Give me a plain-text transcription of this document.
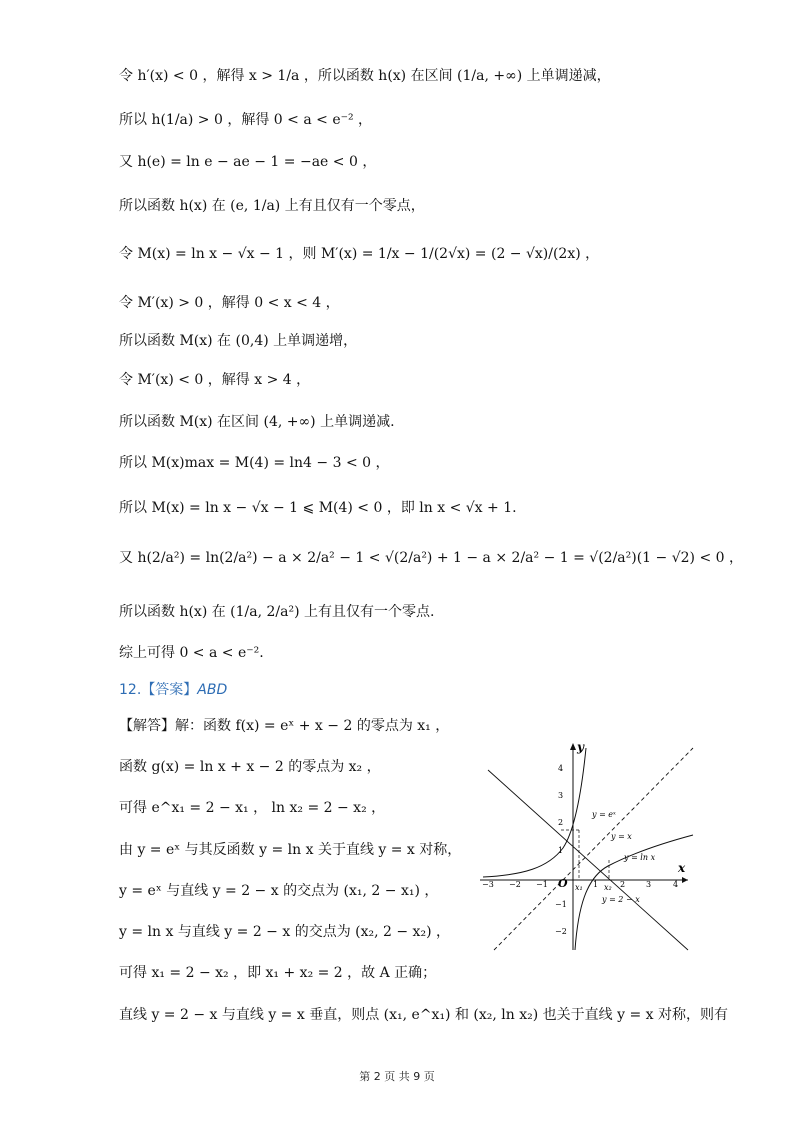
令 h′(x) < 0 ，解得 x > 1/a ，所以函数 h(x) 在区间 (1/a, +∞) 上单调递减，
所以 h(1/a) > 0 ，解得 0 < a < e⁻² ，
又 h(e) = ln e − ae − 1 = −ae < 0 ，
所以函数 h(x) 在 (e, 1/a) 上有且仅有一个零点，
令 M(x) = ln x − √x − 1 ，则 M′(x) = 1/x − 1/(2√x) = (2 − √x)/(2x) ，
令 M′(x) > 0 ，解得 0 < x < 4 ，
所以函数 M(x) 在 (0,4) 上单调递增，
令 M′(x) < 0 ，解得 x > 4 ，
所以函数 M(x) 在区间 (4, +∞) 上单调递减.
所以 M(x)max = M(4) = ln4 − 3 < 0 ，
所以 M(x) = ln x − √x − 1 ⩽ M(4) < 0 ，即 ln x < √x + 1.
又 h(2/a²) = ln(2/a²) − a × 2/a² − 1 < √(2/a²) + 1 − a × 2/a² − 1 = √(2/a²)(1 − √2) < 0 ，
所以函数 h(x) 在 (1/a, 2/a²) 上有且仅有一个零点.
综上可得 0 < a < e⁻².
12.【答案】ABD
【解答】解：函数 f(x) = eˣ + x − 2 的零点为 x₁ ，
函数 g(x) = ln x + x − 2 的零点为 x₂ ，
可得 e^x₁ = 2 − x₁ ， ln x₂ = 2 − x₂ ，
由 y = eˣ 与其反函数 y = ln x 关于直线 y = x 对称，
y = eˣ 与直线 y = 2 − x 的交点为 (x₁, 2 − x₁) ，
y = ln x 与直线 y = 2 − x 的交点为 (x₂, 2 − x₂) ，
可得 x₁ = 2 − x₂ ，即 x₁ + x₂ = 2 ，故 A 正确；
直线 y = 2 − x 与直线 y = x 垂直，则点 (x₁, e^x₁) 和 (x₂, ln x₂) 也关于直线 y = x 对称，则有
x
y
O
−3 −2 −1	1	2	3	4
4
3
2
1
−1
−2
x₁	x₂
y = eˣ
y = x
y = ln x
y = 2 − x
第 2 页 共 9 页
